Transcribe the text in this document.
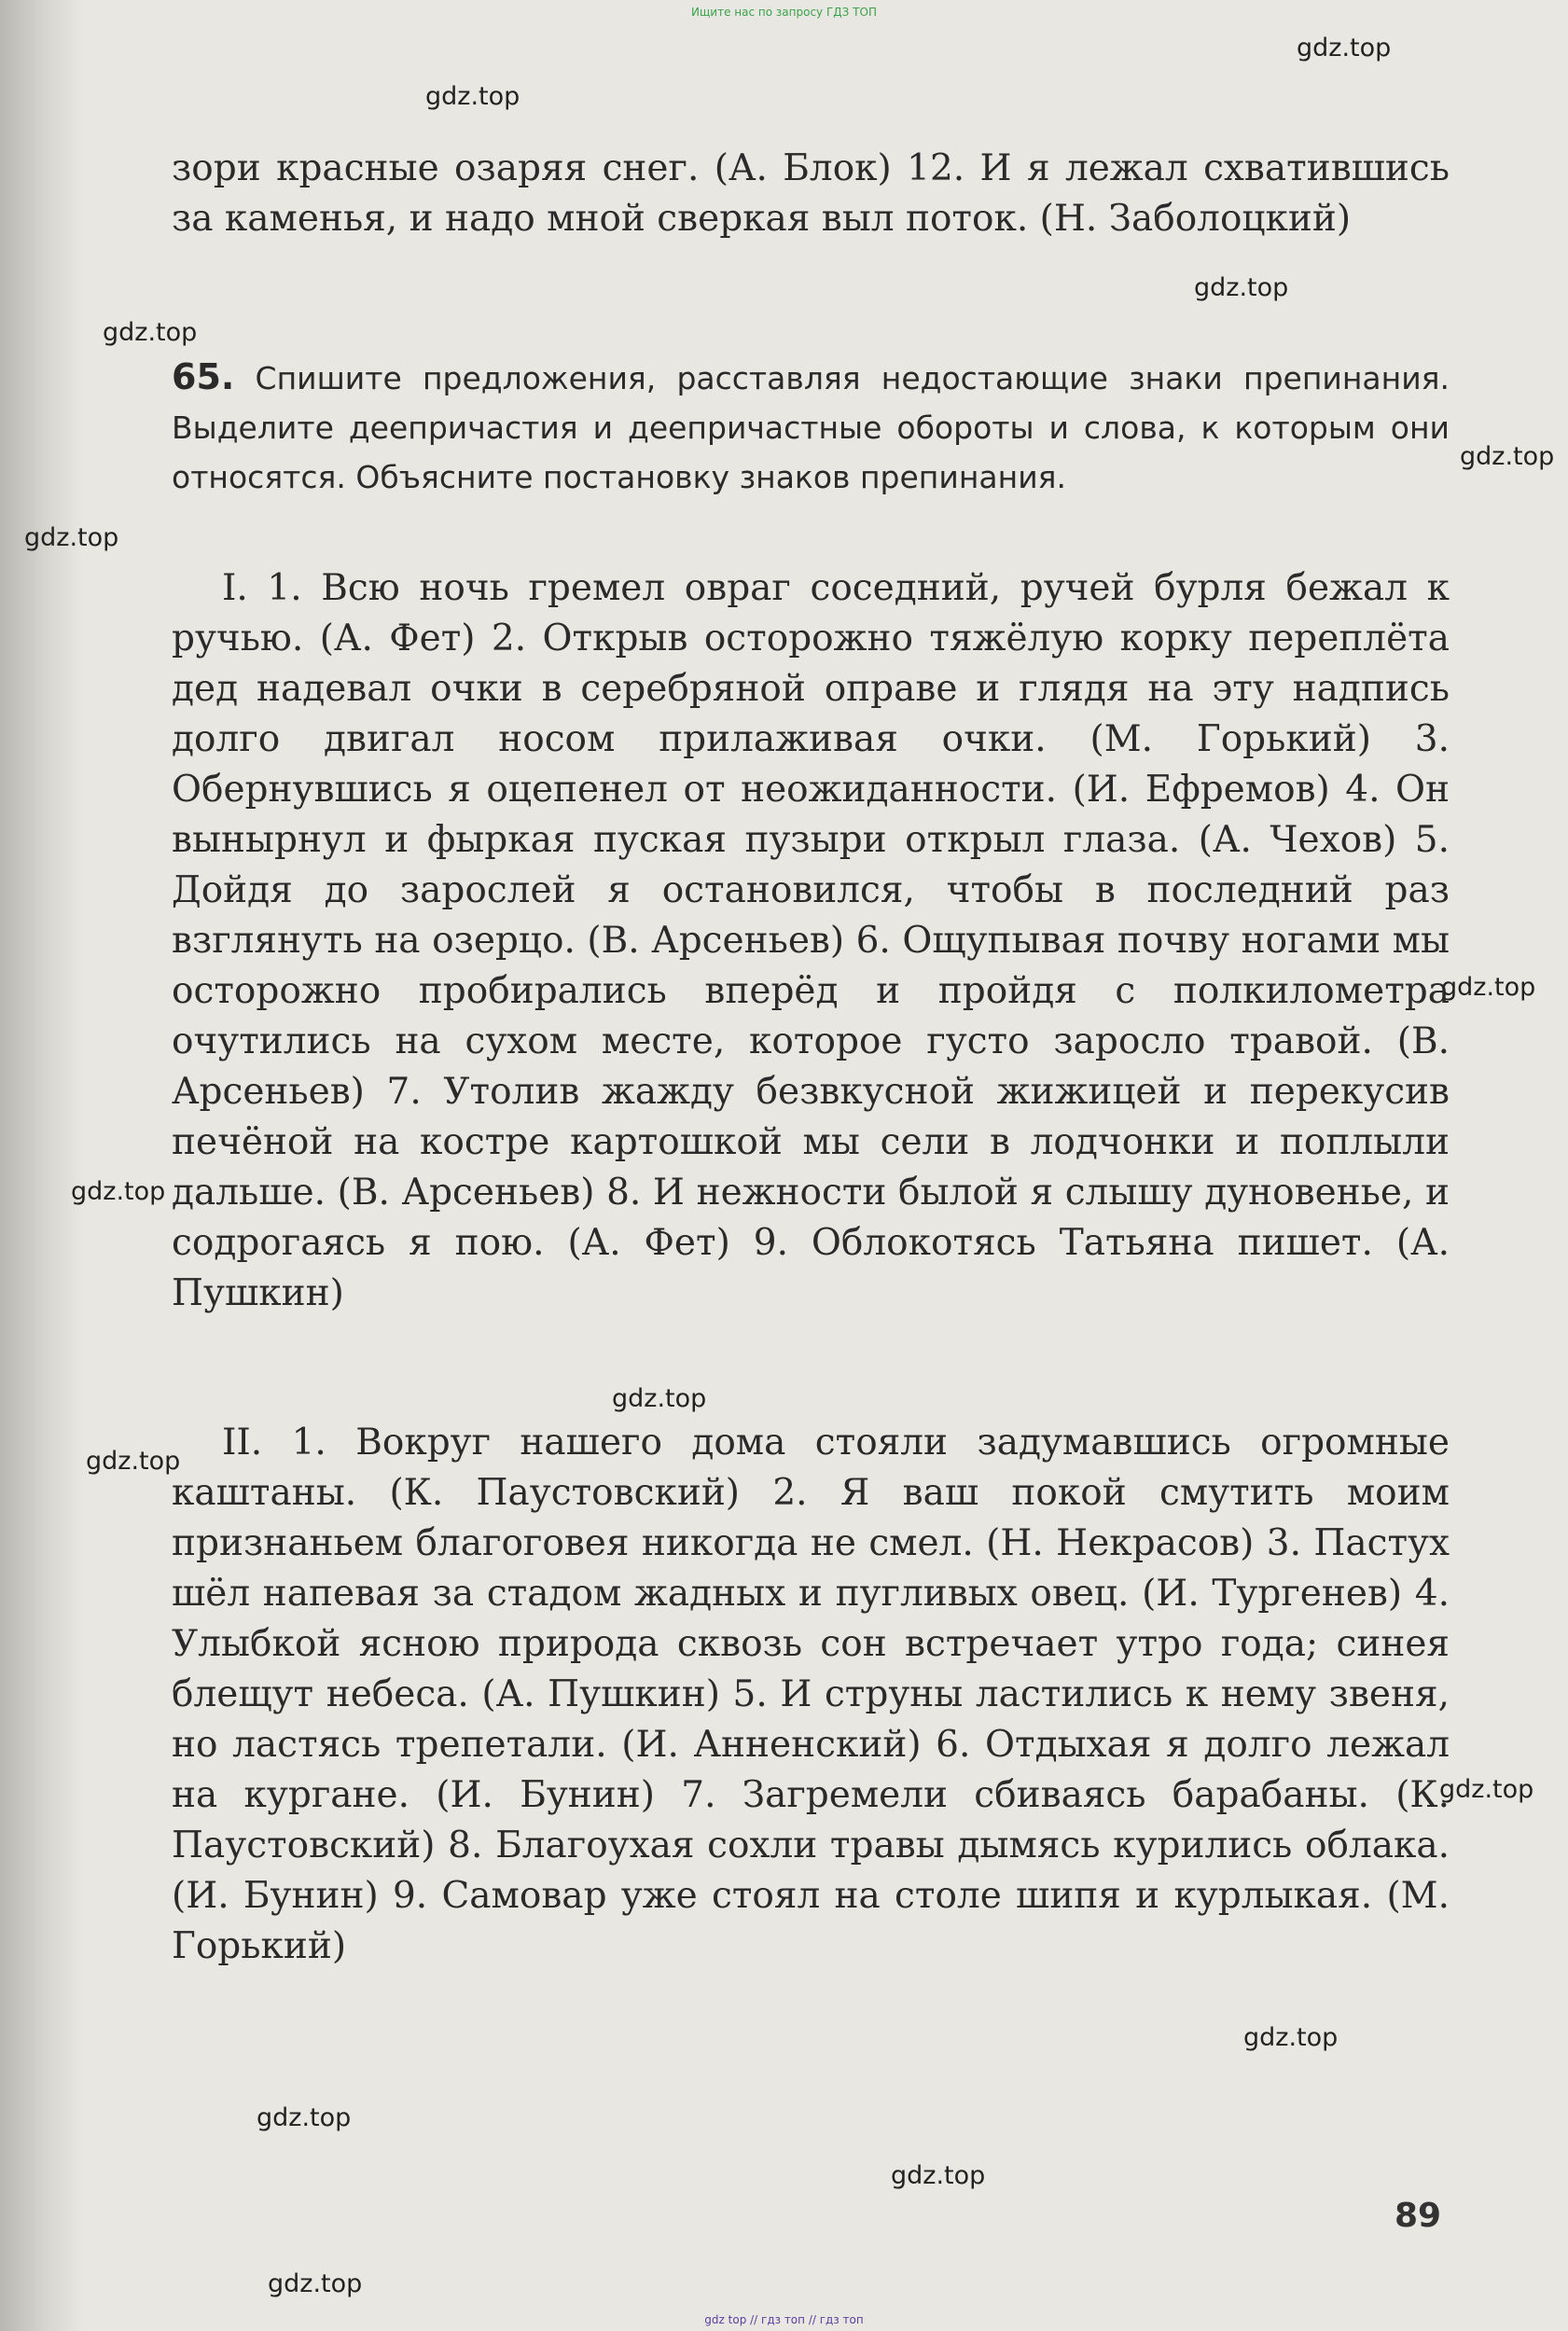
Ищите нас по запросу ГДЗ ТОП
gdz.top
gdz.top
gdz.top
gdz.top
gdz.top
gdz.top
gdz.top
gdz.top
gdz.top
gdz.top
gdz.top
gdz.top
gdz.top
gdz.top
gdz.top

зори красные озаряя снег. (А. Блок) 12. И я лежал схватившись за каменья, и надо мной сверкая выл поток. (Н. Заболоцкий)

65. Спишите предложения, расставляя недостающие знаки препинания. Выделите деепричастия и деепричастные обороты и слова, к которым они относятся. Объясните постановку знаков препинания.

I. 1. Всю ночь гремел овраг соседний, ручей бурля бежал к ручью. (А. Фет) 2. Открыв осторожно тяжёлую корку переплёта дед надевал очки в серебряной оправе и глядя на эту надпись долго двигал носом прилаживая очки. (М. Горький) 3. Обернувшись я оцепенел от неожиданности. (И. Ефремов) 4. Он вынырнул и фыркая пуская пузыри открыл глаза. (А. Чехов) 5. Дойдя до зарослей я остановился, чтобы в последний раз взглянуть на озерцо. (В. Арсеньев) 6. Ощупывая почву ногами мы осторожно пробирались вперёд и пройдя с полкилометра очутились на сухом месте, которое густо заросло травой. (В. Арсеньев) 7. Утолив жажду безвкусной жижицей и перекусив печёной на костре картошкой мы сели в лодчонки и поплыли дальше. (В. Арсеньев) 8. И нежности былой я слышу дуновенье, и содрогаясь я пою. (А. Фет) 9. Облокотясь Татьяна пишет. (А. Пушкин)

II. 1. Вокруг нашего дома стояли задумавшись огромные каштаны. (К. Паустовский) 2. Я ваш покой смутить моим признаньем благоговея никогда не смел. (Н. Некрасов) 3. Пастух шёл напевая за стадом жадных и пугливых овец. (И. Тургенев) 4. Улыбкой ясною природа сквозь сон встречает утро года; синея блещут небеса. (А. Пушкин) 5. И струны ластились к нему звеня, но ластясь трепетали. (И. Анненский) 6. Отдыхая я долго лежал на кургане. (И. Бунин) 7. Загремели сбиваясь барабаны. (К. Паустовский) 8. Благоухая сохли травы дымясь курились облака. (И. Бунин) 9. Самовар уже стоял на столе шипя и курлыкая. (М. Горький)

89
gdz top // гдз топ // гдз топ
